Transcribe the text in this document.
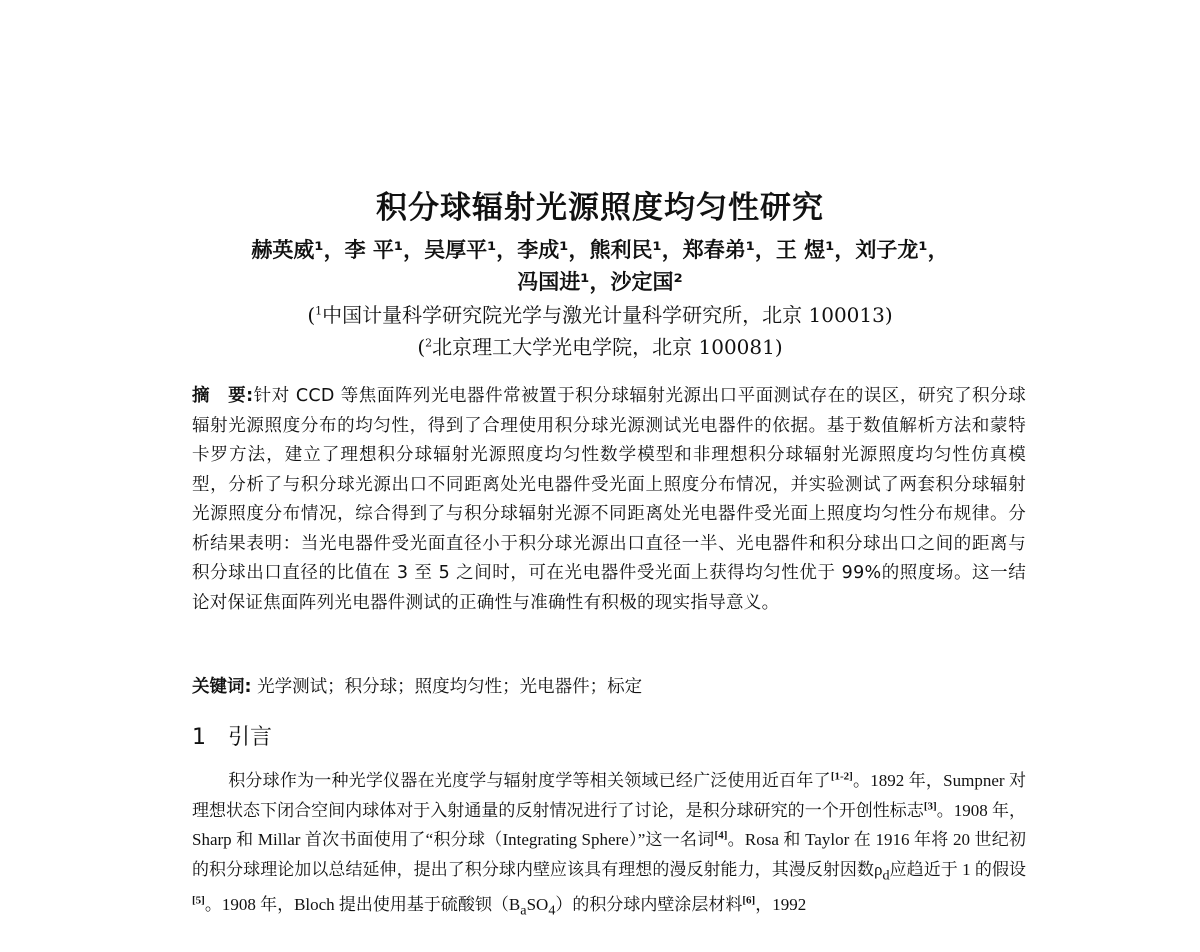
积分球辐射光源照度均匀性研究
赫英威¹，李 平¹，吴厚平¹，李成¹，熊利民¹，郑春弟¹，王 煜¹，刘子龙¹，
冯国进¹，沙定国²
($^1$中国计量科学研究院光学与激光计量科学研究所，北京 100013)
($^2$北京理工大学光电学院，北京 100081)
摘　要:针对 CCD 等焦面阵列光电器件常被置于积分球辐射光源出口平面测试存在的误区，研究了积分球辐射光源照度分布的均匀性，得到了合理使用积分球光源测试光电器件的依据。基于数值解析方法和蒙特卡罗方法，建立了理想积分球辐射光源照度均匀性数学模型和非理想积分球辐射光源照度均匀性仿真模型，分析了与积分球光源出口不同距离处光电器件受光面上照度分布情况，并实验测试了两套积分球辐射光源照度分布情况，综合得到了与积分球辐射光源不同距离处光电器件受光面上照度均匀性分布规律。分析结果表明：当光电器件受光面直径小于积分球光源出口直径一半、光电器件和积分球出口之间的距离与积分球出口直径的比值在 3 至 5 之间时，可在光电器件受光面上获得均匀性优于 99%的照度场。这一结论对保证焦面阵列光电器件测试的正确性与准确性有积极的现实指导意义。
关键词: 光学测试；积分球；照度均匀性；光电器件；标定
1 引言
积分球作为一种光学仪器在光度学与辐射度学等相关领域已经广泛使用近百年了[1-2]。1892 年，Sumpner 对理想状态下闭合空间内球体对于入射通量的反射情况进行了讨论，是积分球研究的一个开创性标志[3]。1908 年，Sharp 和 Millar 首次书面使用了“积分球（Integrating Sphere）”这一名词[4]。Rosa 和 Taylor 在 1916 年将 20 世纪初的积分球理论加以总结延伸，提出了积分球内壁应该具有理想的漫反射能力，其漫反射因数$\rho_d$应趋近于 1 的假设[5]。1908 年，Bloch 提出使用基于硫酸钡$(B_aSO_4)$的积分球内壁涂层材料[6]，1992
